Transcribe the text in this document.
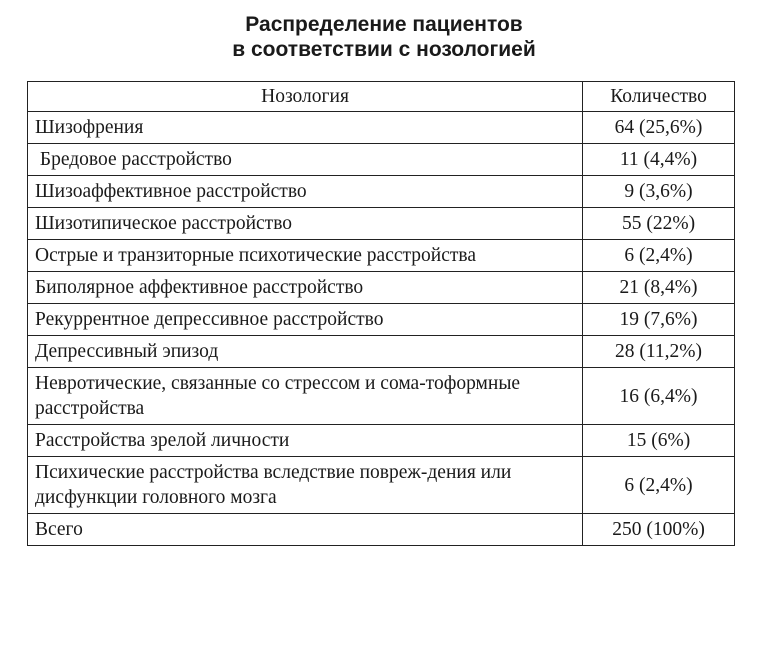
Распределение пациентов
в соответствии с нозологией
Нозология	Количество
Шизофрения	64 (25,6%)
Бредовое расстройство	11 (4,4%)
Шизоаффективное расстройство	9 (3,6%)
Шизотипическое расстройство	55 (22%)
Острые и транзиторные психотические расстройства	6 (2,4%)
Биполярное аффективное расстройство	21 (8,4%)
Рекуррентное депрессивное расстройство	19 (7,6%)
Депрессивный эпизод	28 (11,2%)
Невротические, связанные со стрессом и сома-тоформные расстройства	16 (6,4%)
Расстройства зрелой личности	15 (6%)
Психические расстройства вследствие повреж-дения или дисфункции головного мозга	6 (2,4%)
Всего	250 (100%)
